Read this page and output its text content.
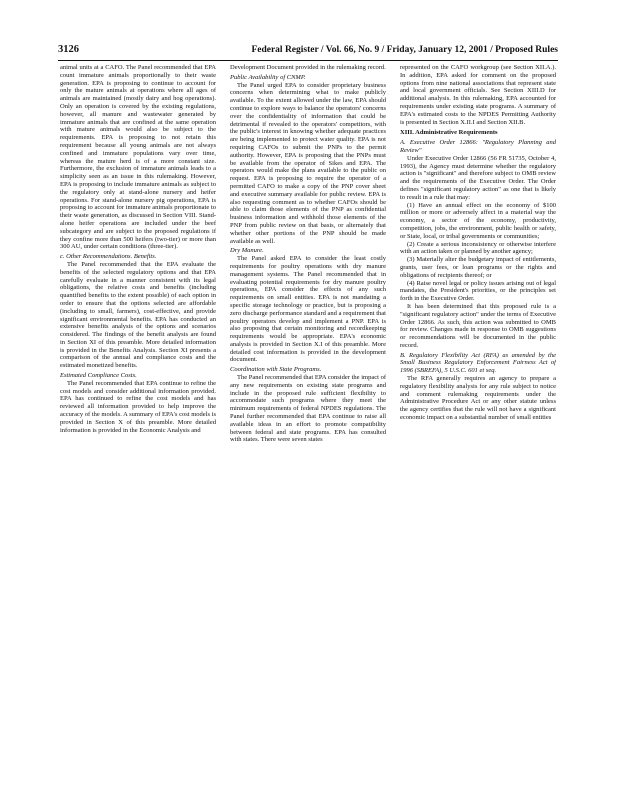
3126	Federal Register / Vol. 66, No. 9 / Friday, January 12, 2001 / Proposed Rules

animal units at a CAFO. The Panel recommended that EPA count immature animals proportionally to their waste generation. EPA is proposing to continue to account for only the mature animals at operations where all ages of animals are maintained (mostly dairy and hog operations). Only an operation is covered by the existing regulations, however, all manure and wastewater generated by immature animals that are confined at the same operation with mature animals would also be subject to the requirements. EPA is proposing to not retain this requirement because all young animals are not always confined and immature populations vary over time, whereas the mature herd is of a more constant size. Furthermore, the exclusion of immature animals leads to a simplicity seen as an issue in this rulemaking. However, EPA is proposing to include immature animals as subject to the regulatory only at stand-alone nursery and heifer operations. For stand-alone nursery pig operations, EPA is proposing to account for immature animals proportionate to their waste generation, as discussed in Section VIII. Stand-alone heifer operations are included under the beef subcategory and are subject to the proposed regulations if they confine more than 500 heifers (two-tier) or more than 300 AU, under certain conditions (three-tier).

c. Other Recommendations. Benefits.

The Panel recommended that the EPA evaluate the benefits of the selected regulatory options and that EPA carefully evaluate in a manner consistent with its legal obligations, the relative costs and benefits (including quantified benefits to the extent possible) of each option in order to ensure that the options selected are affordable (including to small, farmers), cost-effective, and provide significant environmental benefits. EPA has conducted an extensive benefits analysis of the options and scenarios considered. The findings of the benefit analysis are found in Section XI of this preamble. More detailed information is provided in the Benefits Analysis. Section XI presents a comparison of the annual and compliance costs and the estimated monetized benefits.

Estimated Compliance Costs.

The Panel recommended that EPA continue to refine the cost models and consider additional information provided. EPA has continued to refine the cost models and has reviewed all information provided to help improve the accuracy of the models. A summary of EPA's cost models is provided in Section X of this preamble. More detailed information is provided in the Economic Analysis and

Development Document provided in the rulemaking record.

Public Availability of CNMP.

The Panel urged EPA to consider proprietary business concerns when determining what to make publicly available. To the extent allowed under the law, EPA should continue to explore ways to balance the operators' concerns over the confidentiality of information that could be detrimental if revealed to the operators' competitors, with the public's interest in knowing whether adequate practices are being implemented to protect water quality. EPA is not requiring CAFOs to submit the PNPs to the permit authority. However, EPA is proposing that the PNPs must be available from the operator of Sikes and EPA. The operators would make the plans available to the public on request. EPA is proposing to require the operator of a permitted CAFO to make a copy of the PNP cover sheet and executive summary available for public review. EPA is also requesting comment as to whether CAFOs should be able to claim those elements of the PNP as confidential business information and withhold those elements of the PNP from public review on that basis, or alternately that whether other portions of the PNP should be made available as well.

Dry Manure.

The Panel asked EPA to consider the least costly requirements for poultry operations with dry manure management systems. The Panel recommended that in evaluating potential requirements for dry manure poultry operations, EPA consider the effects of any such requirements on small entities. EPA is not mandating a specific storage technology or practice, but is proposing a zero discharge performance standard and a requirement that poultry operators develop and implement a PNP. EPA is also proposing that certain monitoring and recordkeeping requirements would be appropriate. EPA's economic analysis is provided in Section X.I of this preamble. More detailed cost information is provided in the development document.

Coordination with State Programs.

The Panel recommended that EPA consider the impact of any new requirements on existing state programs and include in the proposed rule sufficient flexibility to accommodate such programs where they meet the minimum requirements of federal NPDES regulations. The Panel further recommended that EPA continue to raise all available ideas in an effort to promote compatibility between federal and state programs. EPA has consulted with states. There were seven states

represented on the CAFO workgroup (see Section XII.A.). In addition, EPA asked for comment on the proposed options from nine national associations that represent state and local government officials. See Section XIII.D for additional analysis. In this rulemaking, EPA accounted for requirements under existing state programs. A summary of EPA's estimated costs to the NPDES Permitting Authority is presented in Section X.II.I and Section XII.B.

XIII. Administrative Requirements

A. Executive Order 12866: "Regulatory Planning and Review"

Under Executive Order 12866 (56 FR 51735, October 4, 1993), the Agency must determine whether the regulatory action is "significant" and therefore subject to OMB review and the requirements of the Executive Order. The Order defines "significant regulatory action" as one that is likely to result in a rule that may:

(1) Have an annual effect on the economy of $100 million or more or adversely affect in a material way the economy, a sector of the economy, productivity, competition, jobs, the environment, public health or safety, or State, local, or tribal governments or communities;

(2) Create a serious inconsistency or otherwise interfere with an action taken or planned by another agency;

(3) Materially alter the budgetary impact of entitlements, grants, user fees, or loan programs or the rights and obligations of recipients thereof; or

(4) Raise novel legal or policy issues arising out of legal mandates, the President's priorities, or the principles set forth in the Executive Order.

It has been determined that this proposed rule is a "significant regulatory action" under the terms of Executive Order 12866. As such, this action was submitted to OMB for review. Changes made in response to OMB suggestions or recommendations will be documented in the public record.

B. Regulatory Flexibility Act (RFA) as amended by the Small Business Regulatory Enforcement Fairness Act of 1996 (SBREFA), 5 U.S.C. 601 et seq.

The RFA generally requires an agency to prepare a regulatory flexibility analysis for any rule subject to notice and comment rulemaking requirements under the Administrative Procedure Act or any other statute unless the agency certifies that the rule will not have a significant economic impact on a substantial number of small entities
